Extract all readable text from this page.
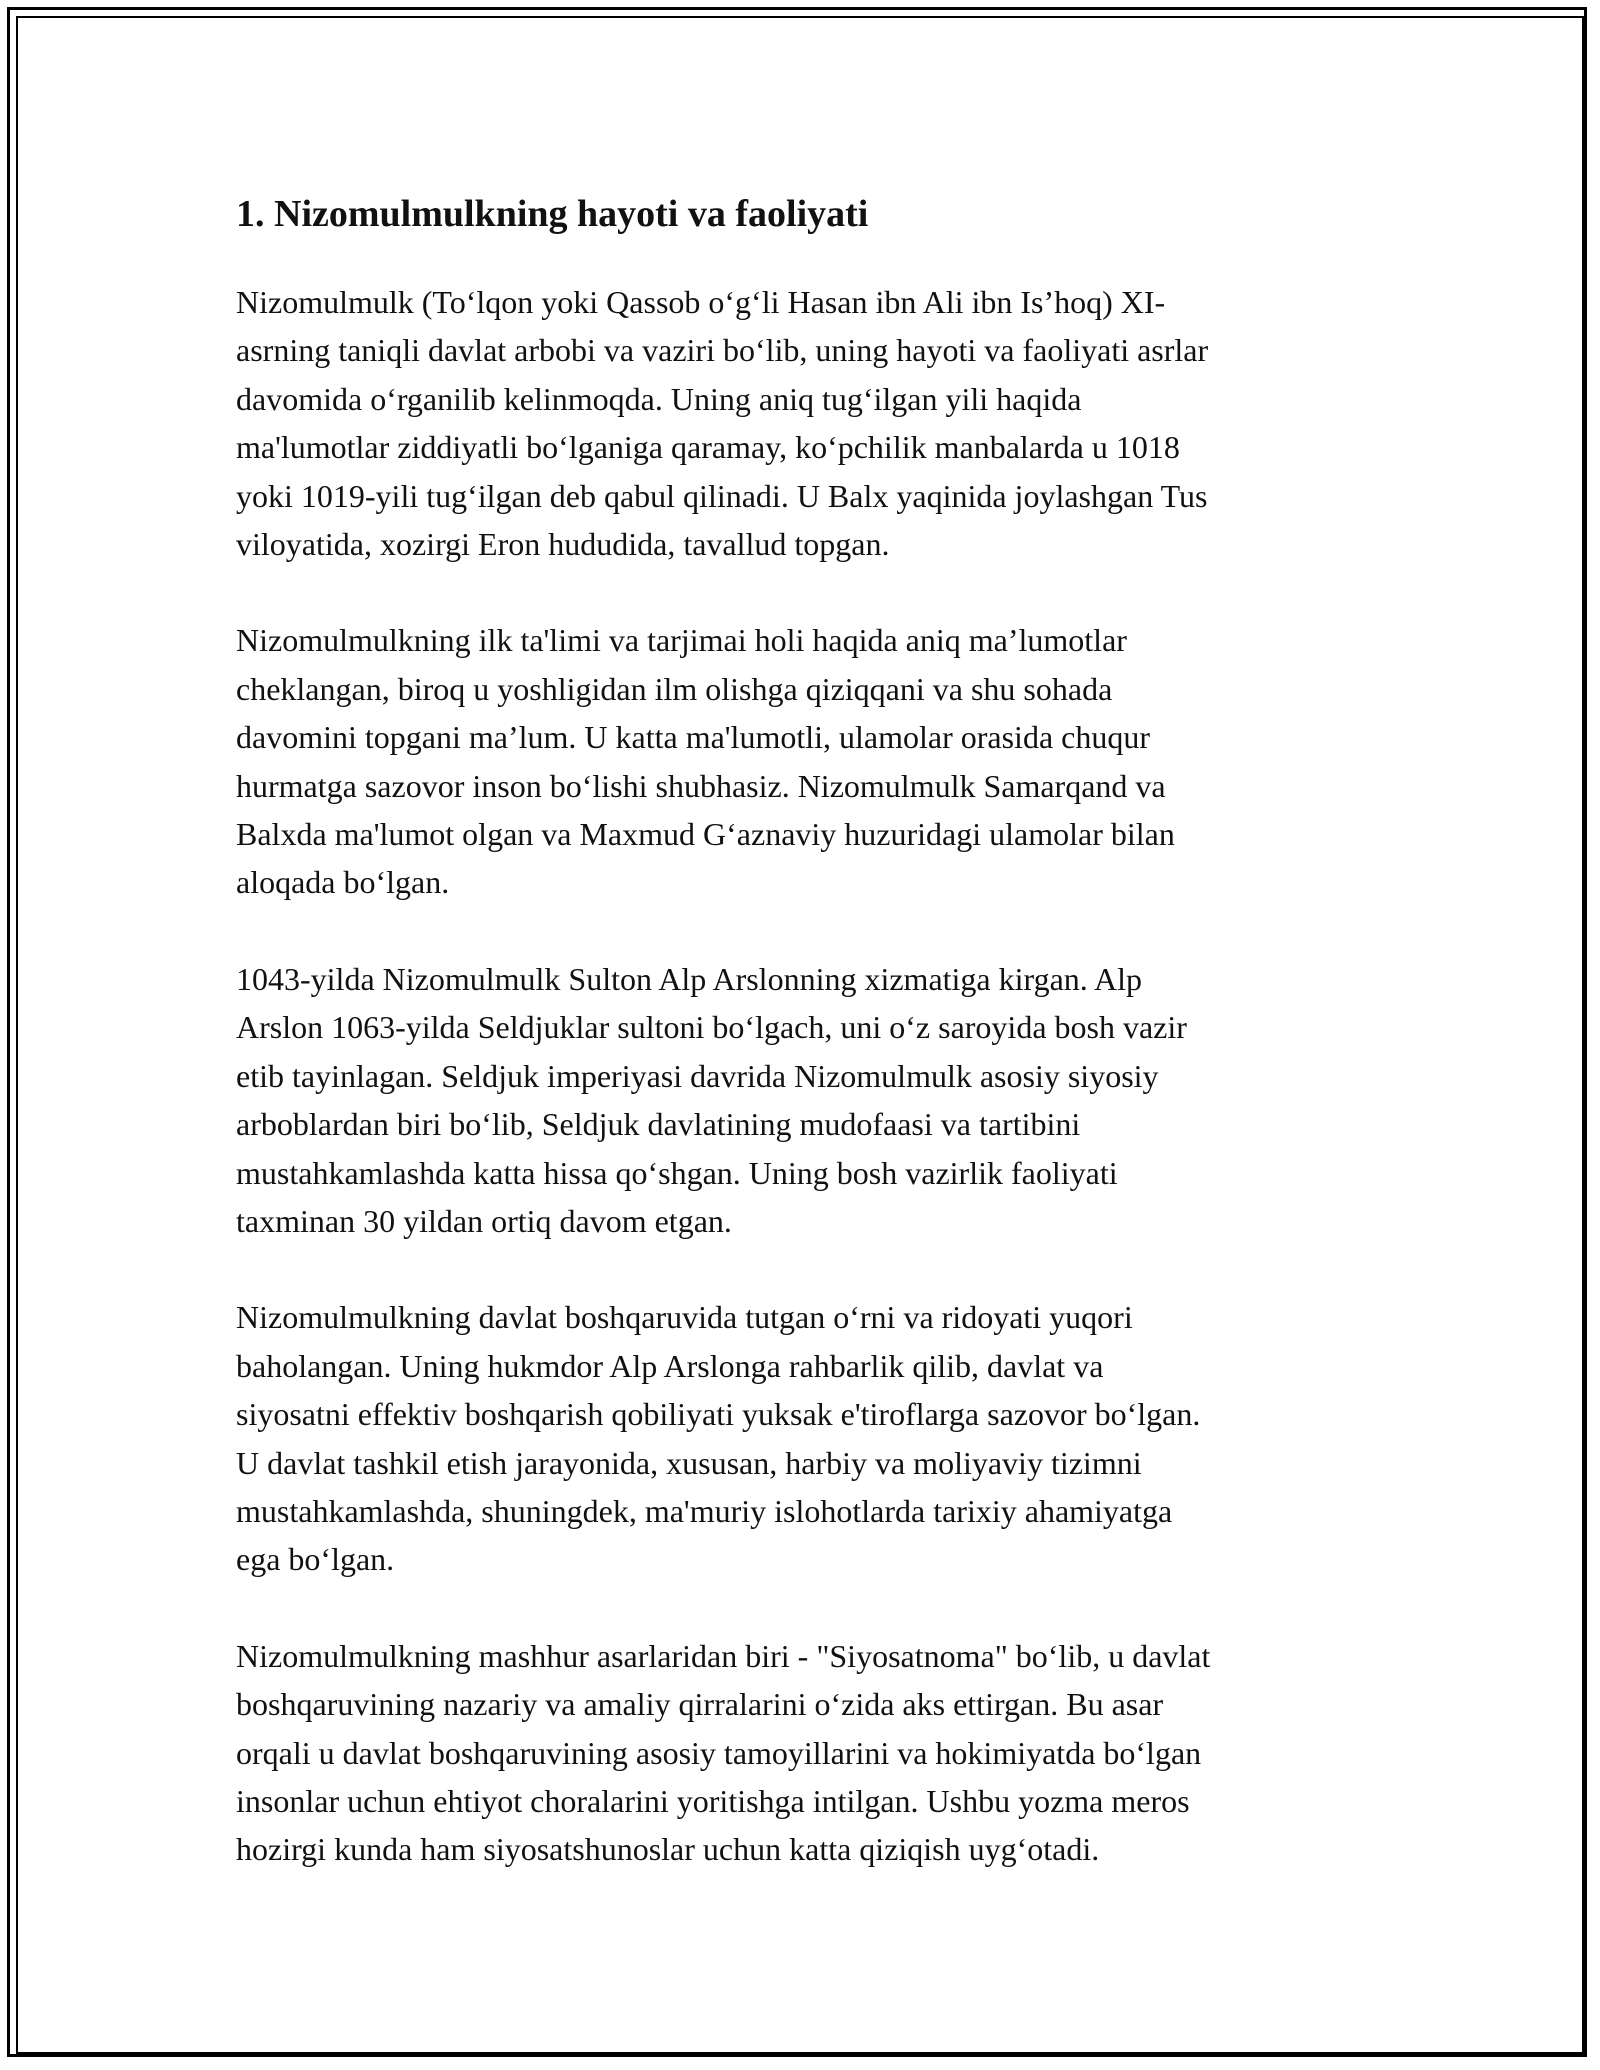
1. Nizomulmulkning hayoti va faoliyati

Nizomulmulk (To‘lqon yoki Qassob o‘g‘li Hasan ibn Ali ibn Is’hoq) XI-
asrning taniqli davlat arbobi va vaziri bo‘lib, uning hayoti va faoliyati asrlar
davomida o‘rganilib kelinmoqda. Uning aniq tug‘ilgan yili haqida
ma'lumotlar ziddiyatli bo‘lganiga qaramay, ko‘pchilik manbalarda u 1018
yoki 1019-yili tug‘ilgan deb qabul qilinadi. U Balx yaqinida joylashgan Tus
viloyatida, xozirgi Eron hududida, tavallud topgan.

Nizomulmulkning ilk ta'limi va tarjimai holi haqida aniq ma’lumotlar
cheklangan, biroq u yoshligidan ilm olishga qiziqqani va shu sohada
davomini topgani ma’lum. U katta ma'lumotli, ulamolar orasida chuqur
hurmatga sazovor inson bo‘lishi shubhasiz. Nizomulmulk Samarqand va
Balxda ma'lumot olgan va Maxmud G‘aznaviy huzuridagi ulamolar bilan
aloqada bo‘lgan.

1043-yilda Nizomulmulk Sulton Alp Arslonning xizmatiga kirgan. Alp
Arslon 1063-yilda Seldjuklar sultoni bo‘lgach, uni o‘z saroyida bosh vazir
etib tayinlagan. Seldjuk imperiyasi davrida Nizomulmulk asosiy siyosiy
arboblardan biri bo‘lib, Seldjuk davlatining mudofaasi va tartibini
mustahkamlashda katta hissa qo‘shgan. Uning bosh vazirlik faoliyati
taxminan 30 yildan ortiq davom etgan.

Nizomulmulkning davlat boshqaruvida tutgan o‘rni va ridoyati yuqori
baholangan. Uning hukmdor Alp Arslonga rahbarlik qilib, davlat va
siyosatni effektiv boshqarish qobiliyati yuksak e'tiroflarga sazovor bo‘lgan.
U davlat tashkil etish jarayonida, xususan, harbiy va moliyaviy tizimni
mustahkamlashda, shuningdek, ma'muriy islohotlarda tarixiy ahamiyatga
ega bo‘lgan.

Nizomulmulkning mashhur asarlaridan biri - "Siyosatnoma" bo‘lib, u davlat
boshqaruvining nazariy va amaliy qirralarini o‘zida aks ettirgan. Bu asar
orqali u davlat boshqaruvining asosiy tamoyillarini va hokimiyatda bo‘lgan
insonlar uchun ehtiyot choralarini yoritishga intilgan. Ushbu yozma meros
hozirgi kunda ham siyosatshunoslar uchun katta qiziqish uyg‘otadi.
